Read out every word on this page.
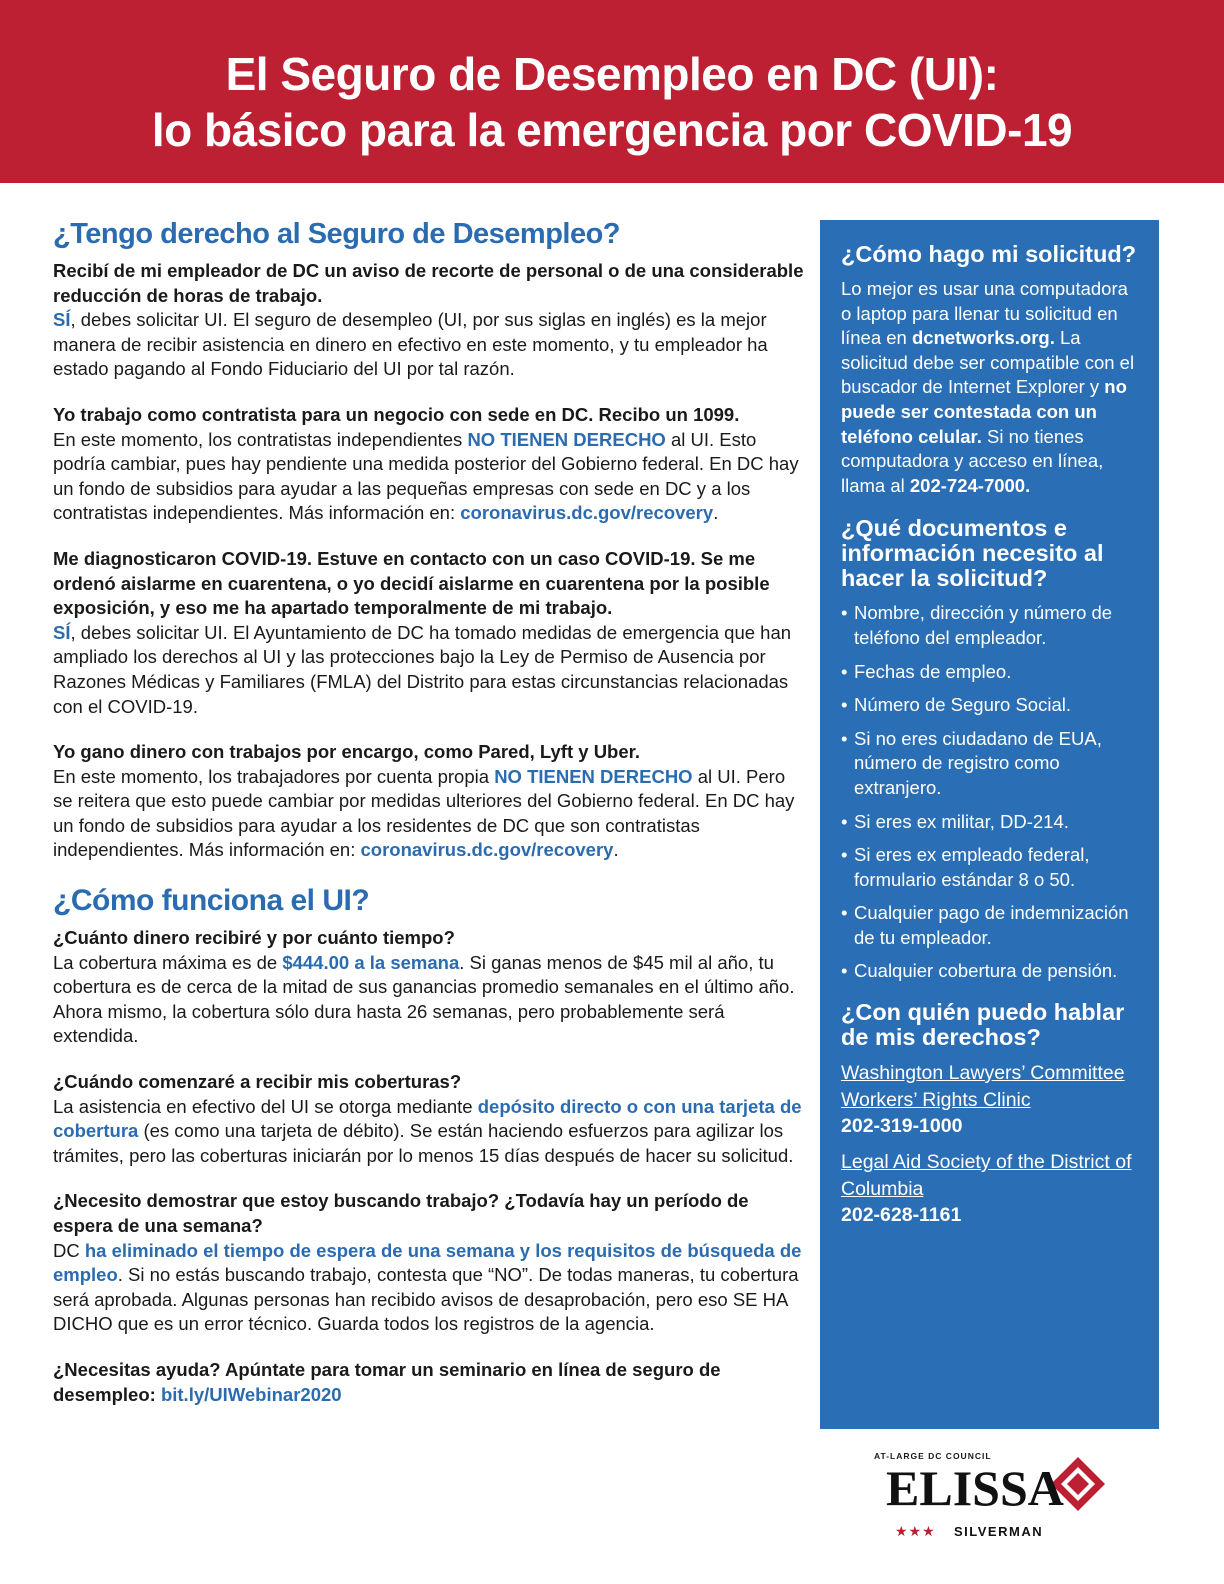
El Seguro de Desempleo en DC (UI):
lo básico para la emergencia por COVID-19
¿Tengo derecho al Seguro de Desempleo?

Recibí de mi empleador de DC un aviso de recorte de personal o de una considerable reducción de horas de trabajo.
SÍ, debes solicitar UI. El seguro de desempleo (UI, por sus siglas en inglés) es la mejor manera de recibir asistencia en dinero en efectivo en este momento, y tu empleador ha estado pagando al Fondo Fiduciario del UI por tal razón.

Yo trabajo como contratista para un negocio con sede en DC. Recibo un 1099.
En este momento, los contratistas independientes NO TIENEN DERECHO al UI. Esto podría cambiar, pues hay pendiente una medida posterior del Gobierno federal. En DC hay un fondo de subsidios para ayudar a las pequeñas empresas con sede en DC y a los contratistas independientes. Más información en: coronavirus.dc.gov/recovery.

Me diagnosticaron COVID-19. Estuve en contacto con un caso COVID-19. Se me ordenó aislarme en cuarentena, o yo decidí aislarme en cuarentena por la posible exposición, y eso me ha apartado temporalmente de mi trabajo.
SÍ, debes solicitar UI. El Ayuntamiento de DC ha tomado medidas de emergencia que han ampliado los derechos al UI y las protecciones bajo la Ley de Permiso de Ausencia por Razones Médicas y Familiares (FMLA) del Distrito para estas circunstancias relacionadas con el COVID-19.

Yo gano dinero con trabajos por encargo, como Pared, Lyft y Uber.
En este momento, los trabajadores por cuenta propia NO TIENEN DERECHO al UI. Pero se reitera que esto puede cambiar por medidas ulteriores del Gobierno federal. En DC hay un fondo de subsidios para ayudar a los residentes de DC que son contratistas independientes. Más información en: coronavirus.dc.gov/recovery.

¿Cómo funciona el UI?

¿Cuánto dinero recibiré y por cuánto tiempo?
La cobertura máxima es de $444.00 a la semana. Si ganas menos de $45 mil al año, tu cobertura es de cerca de la mitad de sus ganancias promedio semanales en el último año. Ahora mismo, la cobertura sólo dura hasta 26 semanas, pero probablemente será extendida.

¿Cuándo comenzaré a recibir mis coberturas?
La asistencia en efectivo del UI se otorga mediante depósito directo o con una tarjeta de cobertura (es como una tarjeta de débito). Se están haciendo esfuerzos para agilizar los trámites, pero las coberturas iniciarán por lo menos 15 días después de hacer su solicitud.

¿Necesito demostrar que estoy buscando trabajo? ¿Todavía hay un período de espera de una semana?
DC ha eliminado el tiempo de espera de una semana y los requisitos de búsqueda de empleo. Si no estás buscando trabajo, contesta que “NO”. De todas maneras, tu cobertura será aprobada. Algunas personas han recibido avisos de desaprobación, pero eso SE HA DICHO que es un error técnico. Guarda todos los registros de la agencia.

¿Necesitas ayuda? Apúntate para tomar un seminario en línea de seguro de desempleo: bit.ly/UIWebinar2020

¿Cómo hago mi solicitud?

Lo mejor es usar una computadora o laptop para llenar tu solicitud en línea en dcnetworks.org. La solicitud debe ser compatible con el buscador de Internet Explorer y no puede ser contestada con un teléfono celular. Si no tienes computadora y acceso en línea, llama al 202-724-7000.

¿Qué documentos e información necesito al hacer la solicitud?
• Nombre, dirección y número de teléfono del empleador.
• Fechas de empleo.
• Número de Seguro Social.
• Si no eres ciudadano de EUA, número de registro como extranjero.
• Si eres ex militar, DD-214.
• Si eres ex empleado federal, formulario estándar 8 o 50.
• Cualquier pago de indemnización de tu empleador.
• Cualquier cobertura de pensión.
¿Con quién puedo hablar de mis derechos?
Washington Lawyers’ Committee Workers’ Rights Clinic
202-319-1000
Legal Aid Society of the District of Columbia
202-628-1161
AT-LARGE DC COUNCIL
ELISSA
★★★ SILVERMAN
